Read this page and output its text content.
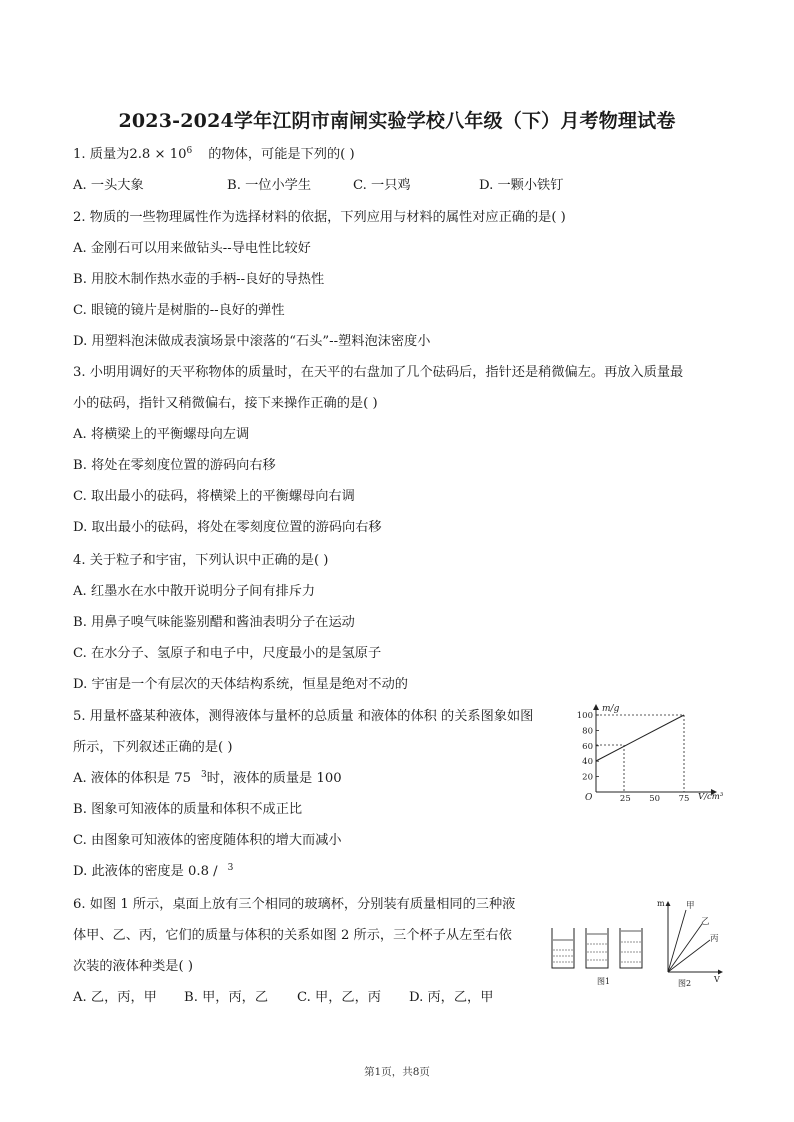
2023-2024学年江阴市南闸实验学校八年级（下）月考物理试卷
1. 质量为$2.8 \times 10^6$ 的物体，可能是下列的( )
A. 一头大象	B. 一位小学生	C. 一只鸡	D. 一颗小铁钉
2. 物质的一些物理属性作为选择材料的依据，下列应用与材料的属性对应正确的是( )
A. 金刚石可以用来做钻头--导电性比较好
B. 用胶木制作热水壶的手柄--良好的导热性
C. 眼镜的镜片是树脂的--良好的弹性
D. 用塑料泡沫做成表演场景中滚落的“石头”--塑料泡沫密度小
3. 小明用调好的天平称物体的质量时，在天平的右盘加了几个砝码后，指针还是稍微偏左。再放入质量最
小的砝码，指针又稍微偏右，接下来操作正确的是( )
A. 将横梁上的平衡螺母向左调
B. 将处在零刻度位置的游码向右移
C. 取出最小的砝码，将横梁上的平衡螺母向右调
D. 取出最小的砝码，将处在零刻度位置的游码向右移
4. 关于粒子和宇宙，下列认识中正确的是( )
A. 红墨水在水中散开说明分子间有排斥力
B. 用鼻子嗅气味能鉴别醋和酱油表明分子在运动
C. 在水分子、氢原子和电子中，尺度最小的是氢原子
D. 宇宙是一个有层次的天体结构系统，恒星是绝对不动的
5. 用量杯盛某种液体，测得液体与量杯的总质量 和液体的体积 的关系图象如图
所示，下列叙述正确的是( )
A. 液体的体积是 75 $^3$时，液体的质量是 100
B. 图象可知液体的质量和体积不成正比
C. 由图象可知液体的密度随体积的增大而减小
D. 此液体的密度是 0.8 / $^3$
m/g
V/cm³
O
100
80
60
40
20
25 50 75
6. 如图 1 所示，桌面上放有三个相同的玻璃杯，分别装有质量相同的三种液
体甲、乙、丙，它们的质量与体积的关系如图 2 所示，三个杯子从左至右依
次装的液体种类是( )
A. 乙，丙，甲 B. 甲，丙，乙 C. 甲，乙，丙 D. 丙，乙，甲
图1
m
V
甲
乙
丙
图2
第1页，共8页
